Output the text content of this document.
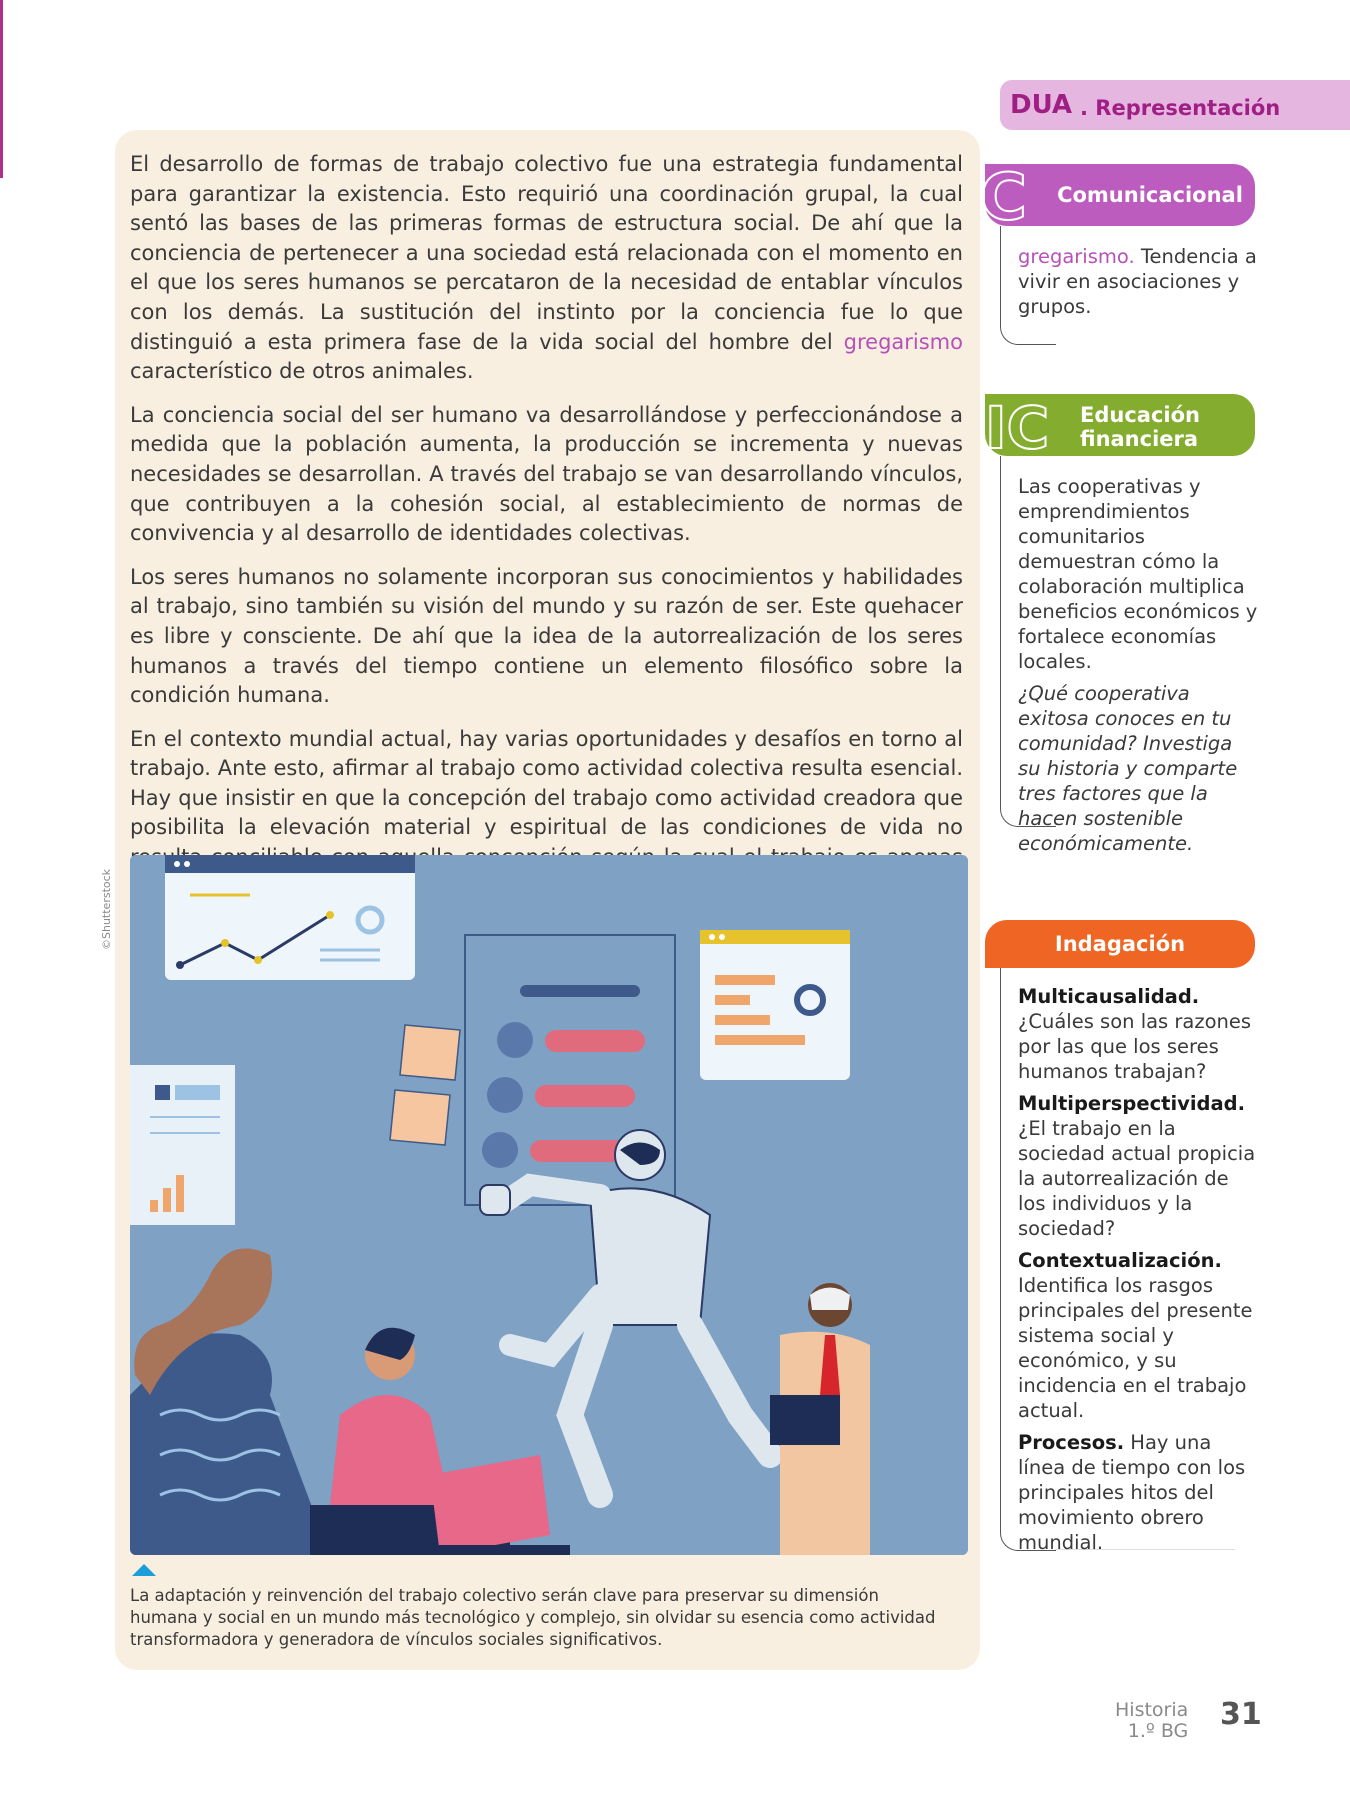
El desarrollo de formas de trabajo colectivo fue una estrategia fundamental para garantizar la existencia. Esto requirió una coordinación grupal, la cual sentó las bases de las primeras formas de estructura social. De ahí que la conciencia de pertenecer a una sociedad está relacionada con el momento en el que los seres humanos se percataron de la necesidad de entablar vínculos con los demás. La sustitución del instinto por la conciencia fue lo que distinguió a esta primera fase de la vida social del hombre del gregarismo característico de otros animales.

La conciencia social del ser humano va desarrollándose y perfeccionándose a medida que la población aumenta, la producción se incrementa y nuevas necesidades se desarrollan. A través del trabajo se van desarrollando vínculos, que contribuyen a la cohesión social, al establecimiento de normas de convivencia y al desarrollo de identidades colectivas.

Los seres humanos no solamente incorporan sus conocimientos y habilidades al trabajo, sino también su visión del mundo y su razón de ser. Este quehacer es libre y consciente. De ahí que la idea de la autorrealización de los seres humanos a través del tiempo contiene un elemento filosófico sobre la condición humana.

En el contexto mundial actual, hay varias oportunidades y desafíos en torno al trabajo. Ante esto, afirmar al trabajo como actividad colectiva resulta esencial. Hay que insistir en que la concepción del trabajo como actividad creadora que posibilita la elevación material y espiritual de las condiciones de vida no

©Shutterstock
La adaptación y reinvención del trabajo colectivo serán clave para preservar su dimensión humana y social en un mundo más tecnológico y complejo, sin olvidar su esencia como actividad transformadora y generadora de vínculos sociales significativos.
DUA . Representación
Comunicacional
C

gregarismo. Tendencia a vivir en asociaciones y grupos.

Educación
financiera
IC

Las cooperativas y emprendimientos comunitarios demuestran cómo la colaboración multiplica beneficios económicos y fortalece economías locales.

¿Qué cooperativa exitosa conoces en tu comunidad? Investiga su historia y comparte tres factores que la hacen sostenible económicamente.

Indagación

Multicausalidad. ¿Cuáles son las razones por las que los seres humanos trabajan?

Multiperspectividad. ¿El trabajo en la sociedad actual propicia la autorrealización de los individuos y la sociedad?

Contextualización. Identifica los rasgos principales del presente sistema social y económico, y su incidencia en el trabajo actual.

Procesos. Hay una línea de tiempo con los principales hitos del movimiento obrero mundial.

Historia
1.º BG 31
